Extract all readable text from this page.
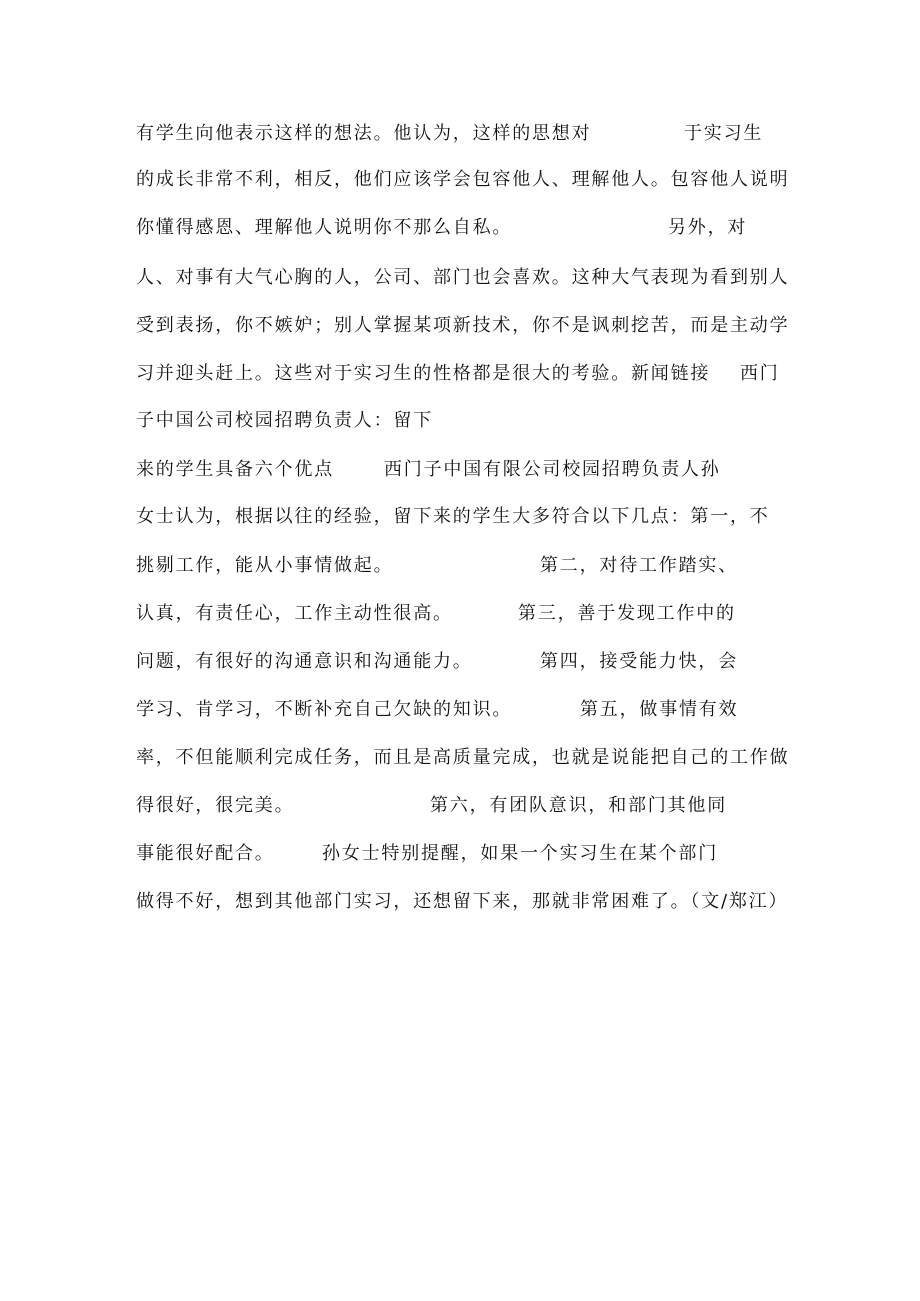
有学生向他表示这样的想法。他认为，这样的思想对	于实习生
的成长非常不利，相反，他们应该学会包容他人、理解他人。包容他人说明
你懂得感恩、理解他人说明你不那么自私。	另外，对
人、对事有大气心胸的人，公司、部门也会喜欢。这种大气表现为看到别人
受到表扬，你不嫉妒；别人掌握某项新技术，你不是讽刺挖苦，而是主动学
习并迎头赶上。这些对于实习生的性格都是很大的考验。新闻链接 西门
子中国公司校园招聘负责人：留下
来的学生具备六个优点	西门子中国有限公司校园招聘负责人孙
女士认为，根据以往的经验，留下来的学生大多符合以下几点：第一，不
挑剔工作，能从小事情做起。	第二，对待工作踏实、
认真，有责任心，工作主动性很高。	第三，善于发现工作中的
问题，有很好的沟通意识和沟通能力。	第四，接受能力快，会
学习、肯学习，不断补充自己欠缺的知识。	第五，做事情有效
率，不但能顺利完成任务，而且是高质量完成，也就是说能把自己的工作做
得很好，很完美。	第六，有团队意识，和部门其他同
事能很好配合。	孙女士特别提醒，如果一个实习生在某个部门
做得不好，想到其他部门实习，还想留下来，那就非常困难了。（文/郑江）
